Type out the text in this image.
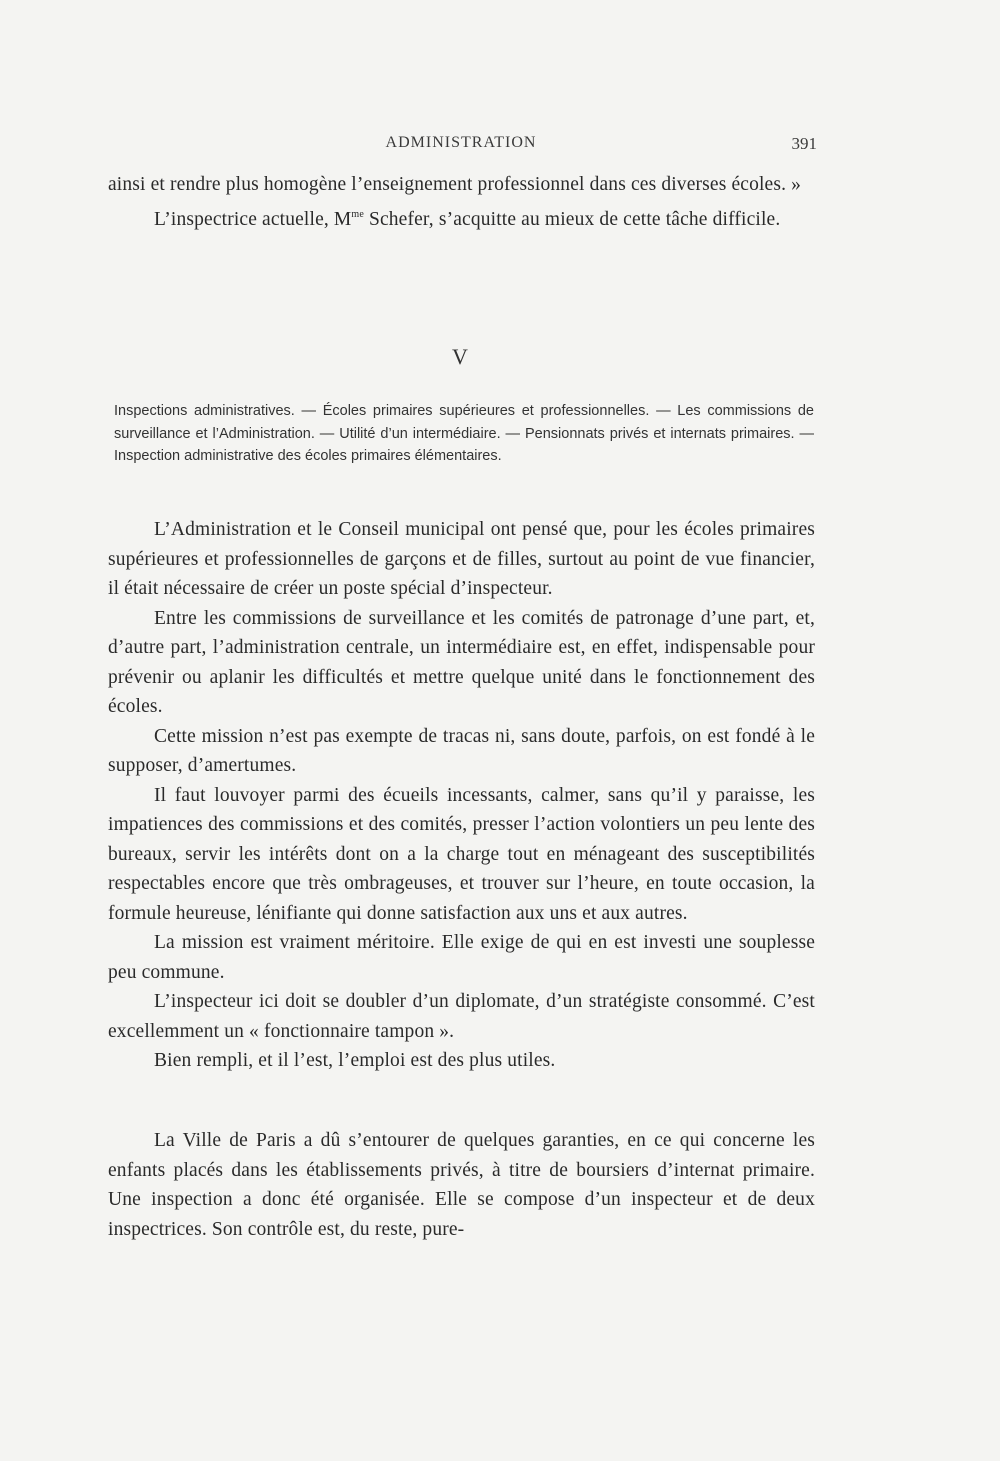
ADMINISTRATION	391

ainsi et rendre plus homogène l’enseignement professionnel dans ces diverses écoles. »

L’inspectrice actuelle, $M^{me}$ Schefer, s’acquitte au mieux de cette tâche difficile.

V
Inspections administratives. — Écoles primaires supérieures et professionnelles. — Les commissions de surveillance et l’Administration. — Utilité d’un intermédiaire. — Pensionnats privés et internats primaires. — Inspection administrative des écoles primaires élémentaires.

L’Administration et le Conseil municipal ont pensé que, pour les écoles primaires supérieures et professionnelles de garçons et de filles, surtout au point de vue financier, il était nécessaire de créer un poste spécial d’inspecteur.

Entre les commissions de surveillance et les comités de patronage d’une part, et, d’autre part, l’administration centrale, un intermédiaire est, en effet, indispensable pour prévenir ou aplanir les difficultés et mettre quelque unité dans le fonctionnement des écoles.

Cette mission n’est pas exempte de tracas ni, sans doute, parfois, on est fondé à le supposer, d’amertumes.

Il faut louvoyer parmi des écueils incessants, calmer, sans qu’il y paraisse, les impatiences des commissions et des comités, presser l’action volontiers un peu lente des bureaux, servir les intérêts dont on a la charge tout en ménageant des susceptibilités respectables encore que très ombrageuses, et trouver sur l’heure, en toute occasion, la formule heureuse, lénifiante qui donne satisfaction aux uns et aux autres.

La mission est vraiment méritoire. Elle exige de qui en est investi une souplesse peu commune.

L’inspecteur ici doit se doubler d’un diplomate, d’un stratégiste consommé. C’est excellemment un « fonctionnaire tampon ».

Bien rempli, et il l’est, l’emploi est des plus utiles.

La Ville de Paris a dû s’entourer de quelques garanties, en ce qui concerne les enfants placés dans les établissements privés, à titre de boursiers d’internat primaire. Une inspection a donc été organisée. Elle se compose d’un inspecteur et de deux inspectrices. Son contrôle est, du reste, pure-
